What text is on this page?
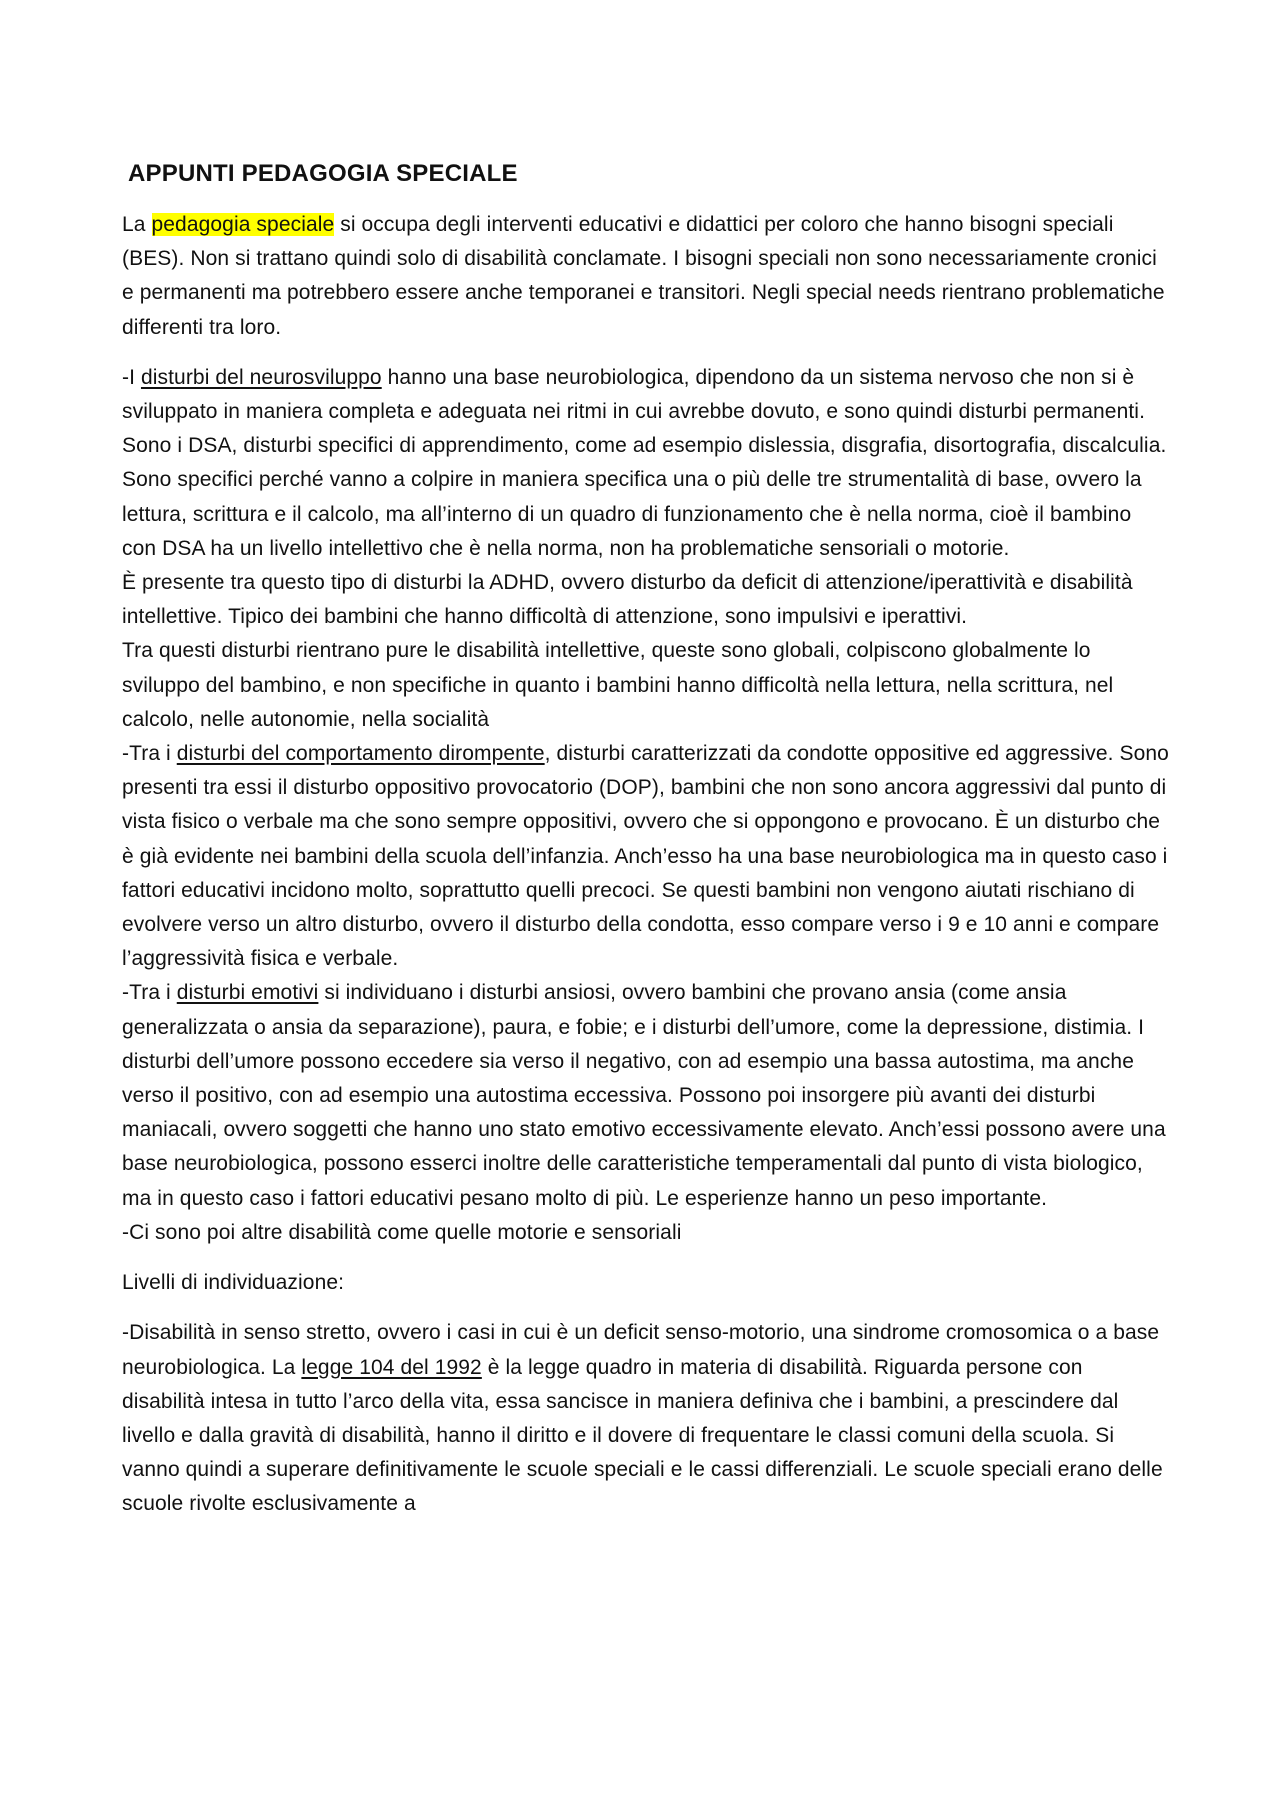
APPUNTI PEDAGOGIA SPECIALE

La pedagogia speciale si occupa degli interventi educativi e didattici per coloro che hanno bisogni speciali (BES). Non si trattano quindi solo di disabilità conclamate. I bisogni speciali non sono necessariamente cronici e permanenti ma potrebbero essere anche temporanei e transitori. Negli special needs rientrano problematiche differenti tra loro.

-I disturbi del neurosviluppo hanno una base neurobiologica, dipendono da un sistema nervoso che non si è sviluppato in maniera completa e adeguata nei ritmi in cui avrebbe dovuto, e sono quindi disturbi permanenti.

Sono i DSA, disturbi specifici di apprendimento, come ad esempio dislessia, disgrafia, disortografia, discalculia. Sono specifici perché vanno a colpire in maniera specifica una o più delle tre strumentalità di base, ovvero la lettura, scrittura e il calcolo, ma all’interno di un quadro di funzionamento che è nella norma, cioè il bambino con DSA ha un livello intellettivo che è nella norma, non ha problematiche sensoriali o motorie.

È presente tra questo tipo di disturbi la ADHD, ovvero disturbo da deficit di attenzione/iperattività e disabilità intellettive. Tipico dei bambini che hanno difficoltà di attenzione, sono impulsivi e iperattivi.

Tra questi disturbi rientrano pure le disabilità intellettive, queste sono globali, colpiscono globalmente lo sviluppo del bambino, e non specifiche in quanto i bambini hanno difficoltà nella lettura, nella scrittura, nel calcolo, nelle autonomie, nella socialità

-Tra i disturbi del comportamento dirompente, disturbi caratterizzati da condotte oppositive ed aggressive. Sono presenti tra essi il disturbo oppositivo provocatorio (DOP), bambini che non sono ancora aggressivi dal punto di vista fisico o verbale ma che sono sempre oppositivi, ovvero che si oppongono e provocano. È un disturbo che è già evidente nei bambini della scuola dell’infanzia. Anch’esso ha una base neurobiologica ma in questo caso i fattori educativi incidono molto, soprattutto quelli precoci. Se questi bambini non vengono aiutati rischiano di evolvere verso un altro disturbo, ovvero il disturbo della condotta, esso compare verso i 9 e 10 anni e compare l’aggressività fisica e verbale.

-Tra i disturbi emotivi si individuano i disturbi ansiosi, ovvero bambini che provano ansia (come ansia generalizzata o ansia da separazione), paura, e fobie; e i disturbi dell’umore, come la depressione, distimia. I disturbi dell’umore possono eccedere sia verso il negativo, con ad esempio una bassa autostima, ma anche verso il positivo, con ad esempio una autostima eccessiva. Possono poi insorgere più avanti dei disturbi maniacali, ovvero soggetti che hanno uno stato emotivo eccessivamente elevato. Anch’essi possono avere una base neurobiologica, possono esserci inoltre delle caratteristiche temperamentali dal punto di vista biologico, ma in questo caso i fattori educativi pesano molto di più. Le esperienze hanno un peso importante.

-Ci sono poi altre disabilità come quelle motorie e sensoriali

Livelli di individuazione:

-Disabilità in senso stretto, ovvero i casi in cui è un deficit senso-motorio, una sindrome cromosomica o a base neurobiologica. La legge 104 del 1992 è la legge quadro in materia di disabilità. Riguarda persone con disabilità intesa in tutto l’arco della vita, essa sancisce in maniera definiva che i bambini, a prescindere dal livello e dalla gravità di disabilità, hanno il diritto e il dovere di frequentare le classi comuni della scuola. Si vanno quindi a superare definitivamente le scuole speciali e le cassi differenziali. Le scuole speciali erano delle scuole rivolte esclusivamente a
